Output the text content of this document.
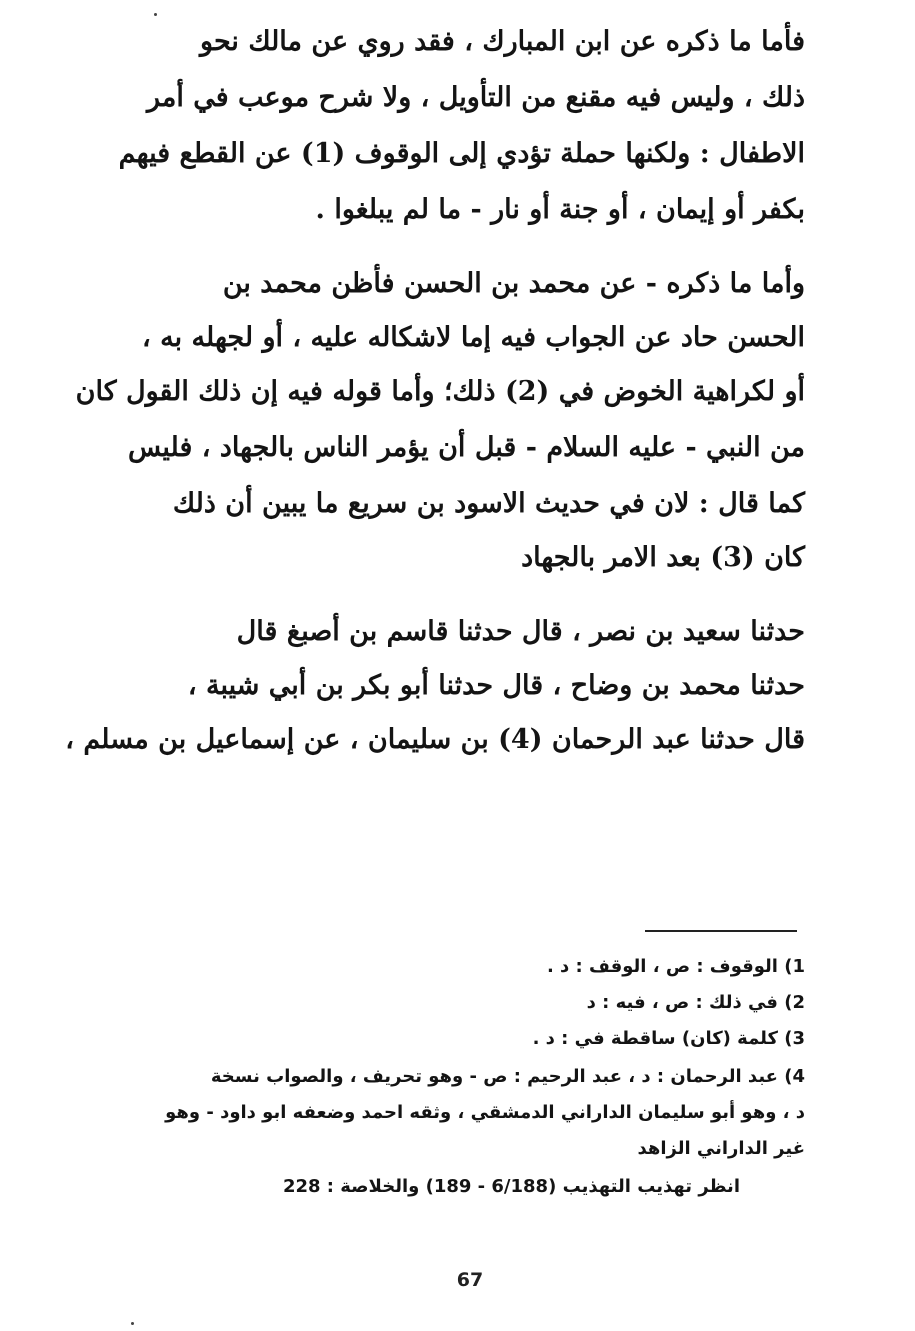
فأما ما ذكره عن ابن المبارك ، فقد روي عن مالك نحو
ذلك ، وليس فيه مقنع من التأويل ، ولا شرح موعب في أمر
الاطفال : ولكنها حملة تؤدي إلى الوقوف (1) عن القطع فيهم
بكفر أو إيمان ، أو جنة أو نار - ما لم يبلغوا .
وأما ما ذكره - عن محمد بن الحسن فأظن محمد بن
الحسن حاد عن الجواب فيه إما لاشكاله عليه ، أو لجهله به ،
أو لكراهية الخوض في (2) ذلك؛ وأما قوله فيه إن ذلك القول كان
من النبي - عليه السلام - قبل أن يؤمر الناس بالجهاد ، فليس
كما قال : لان في حديث الاسود بن سريع ما يبين أن ذلك
كان (3) بعد الامر بالجهاد
حدثنا سعيد بن نصر ، قال حدثنا قاسم بن أصبغ قال
حدثنا محمد بن وضاح ، قال حدثنا أبو بكر بن أبي شيبة ،
قال حدثنا عبد الرحمان (4) بن سليمان ، عن إسماعيل بن مسلم ،
1) الوقوف : ص ، الوقف : د .
2) في ذلك : ص ، فيه : د
3) كلمة (كان) ساقطة في : د .
4) عبد الرحمان : د ، عبد الرحيم : ص - وهو تحريف ، والصواب نسخة
د ، وهو أبو سليمان الداراني الدمشقي ، وثقه احمد وضعفه ابو داود - وهو
غير الداراني الزاهد
انظر تهذيب التهذيب (6/188 - 189) والخلاصة : 228
67
